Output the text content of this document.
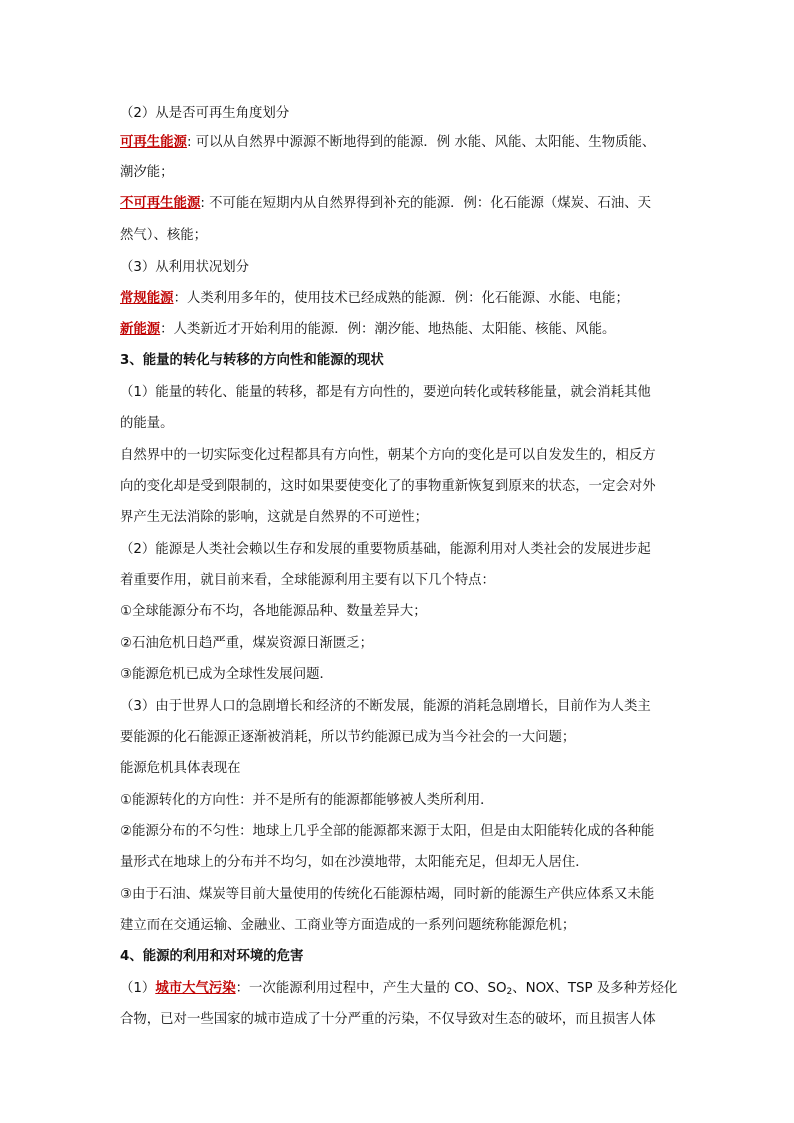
（2）从是否可再生角度划分
可再生能源: 可以从自然界中源源不断地得到的能源．例 水能、风能、太阳能、生物质能、
潮汐能；
不可再生能源: 不可能在短期内从自然界得到补充的能源．例：化石能源（煤炭、石油、天
然气）、核能；
（3）从利用状况划分
常规能源：人类利用多年的，使用技术已经成熟的能源．例：化石能源、水能、电能；
新能源：人类新近才开始利用的能源．例：潮汐能、地热能、太阳能、核能、风能。
3、能量的转化与转移的方向性和能源的现状
（1）能量的转化、能量的转移，都是有方向性的，要逆向转化或转移能量，就会消耗其他
的能量。
自然界中的一切实际变化过程都具有方向性，朝某个方向的变化是可以自发发生的，相反方
向的变化却是受到限制的，这时如果要使变化了的事物重新恢复到原来的状态，一定会对外
界产生无法消除的影响，这就是自然界的不可逆性；
（2）能源是人类社会赖以生存和发展的重要物质基础，能源利用对人类社会的发展进步起
着重要作用，就目前来看，全球能源利用主要有以下几个特点：
①全球能源分布不均，各地能源品种、数量差异大；
②石油危机日趋严重，煤炭资源日渐匮乏；
③能源危机已成为全球性发展问题．
（3）由于世界人口的急剧增长和经济的不断发展，能源的消耗急剧增长，目前作为人类主
要能源的化石能源正逐渐被消耗，所以节约能源已成为当今社会的一大问题；
能源危机具体表现在
①能源转化的方向性：并不是所有的能源都能够被人类所利用．
②能源分布的不匀性：地球上几乎全部的能源都来源于太阳，但是由太阳能转化成的各种能
量形式在地球上的分布并不均匀，如在沙漠地带，太阳能充足，但却无人居住．
③由于石油、煤炭等目前大量使用的传统化石能源枯竭，同时新的能源生产供应体系又未能
建立而在交通运输、金融业、工商业等方面造成的一系列问题统称能源危机；
4、能源的利用和对环境的危害
（1）城市大气污染：一次能源利用过程中，产生大量的 CO、$SO_2$、NOX、TSP 及多种芳烃化
合物，已对一些国家的城市造成了十分严重的污染，不仅导致对生态的破坏，而且损害人体
